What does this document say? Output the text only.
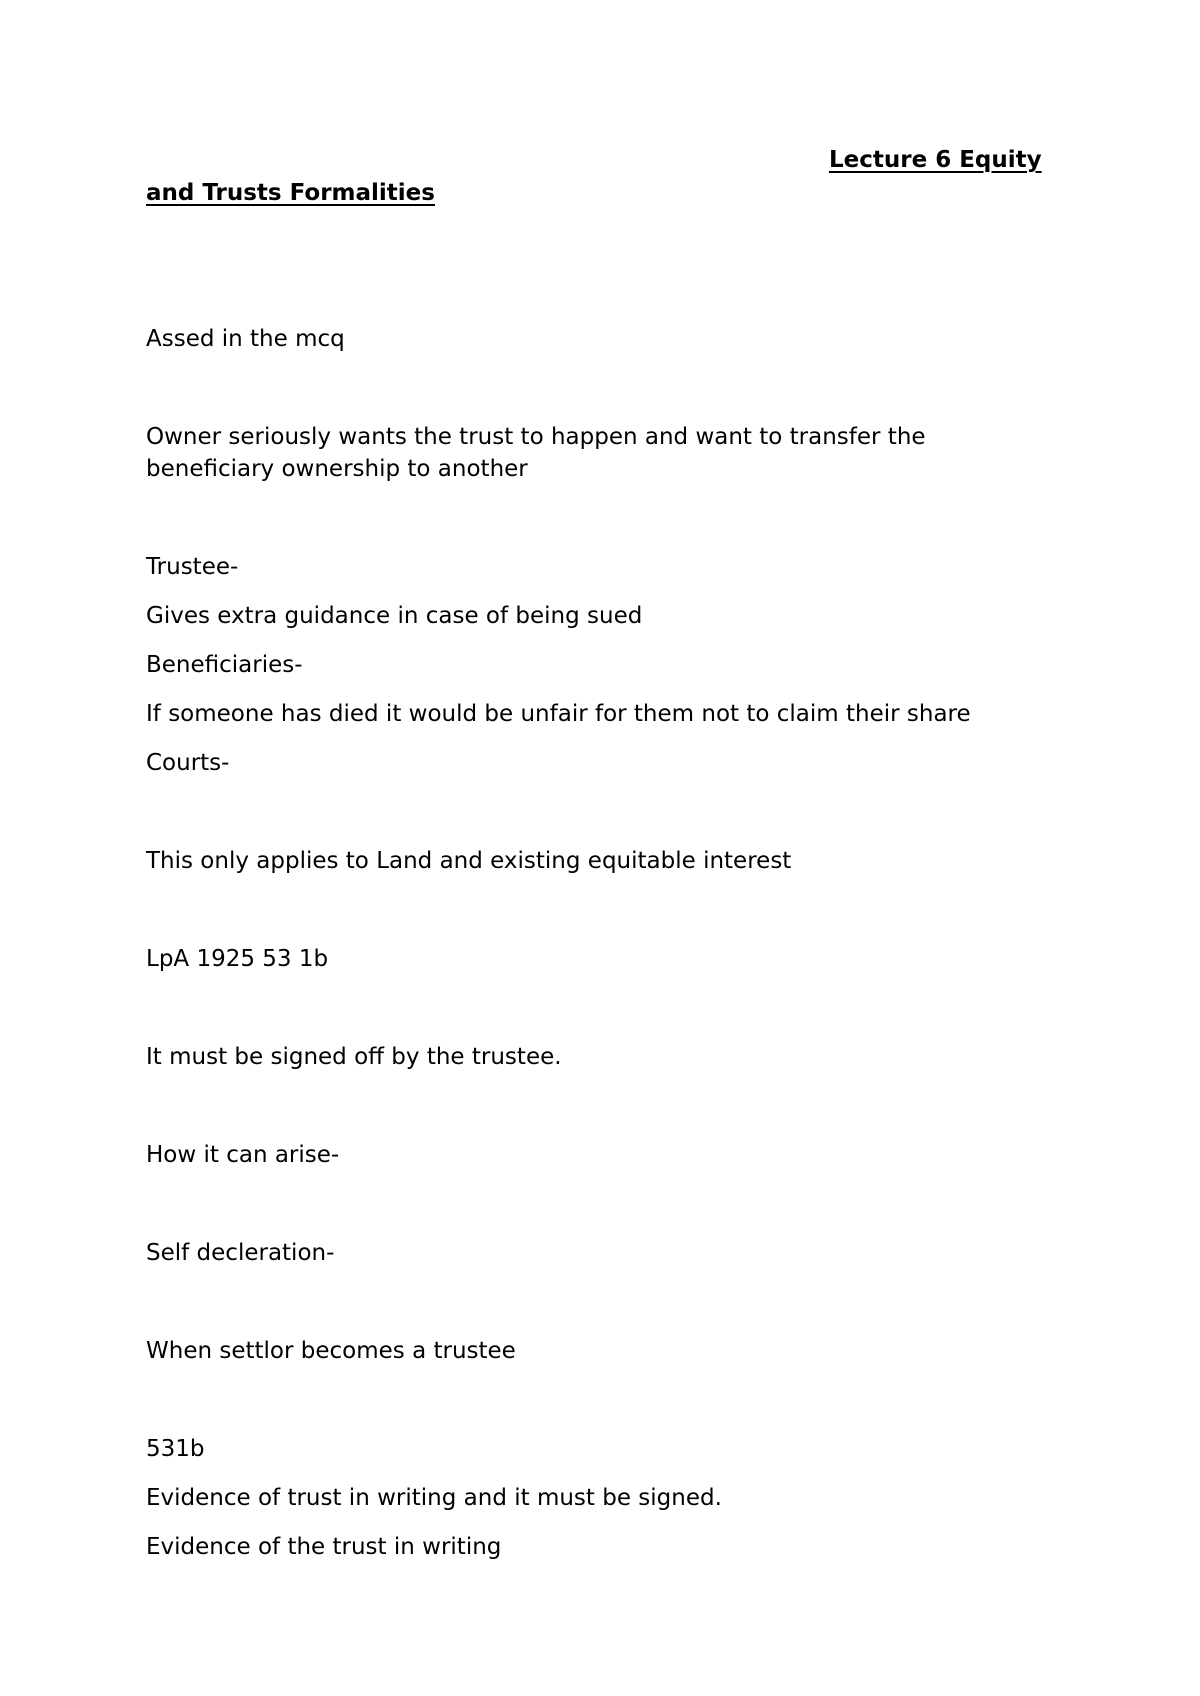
Lecture 6 Equity
and Trusts Formalities
Assed in the mcq
Owner seriously wants the trust to happen and want to transfer the
beneficiary ownership to another
Trustee-
Gives extra guidance in case of being sued
Beneficiaries-
If someone has died it would be unfair for them not to claim their share
Courts-
This only applies to Land and existing equitable interest
LpA 1925 53 1b
It must be signed off by the trustee.
How it can arise-
Self decleration-
When settlor becomes a trustee
531b
Evidence of trust in writing and it must be signed.
Evidence of the trust in writing
